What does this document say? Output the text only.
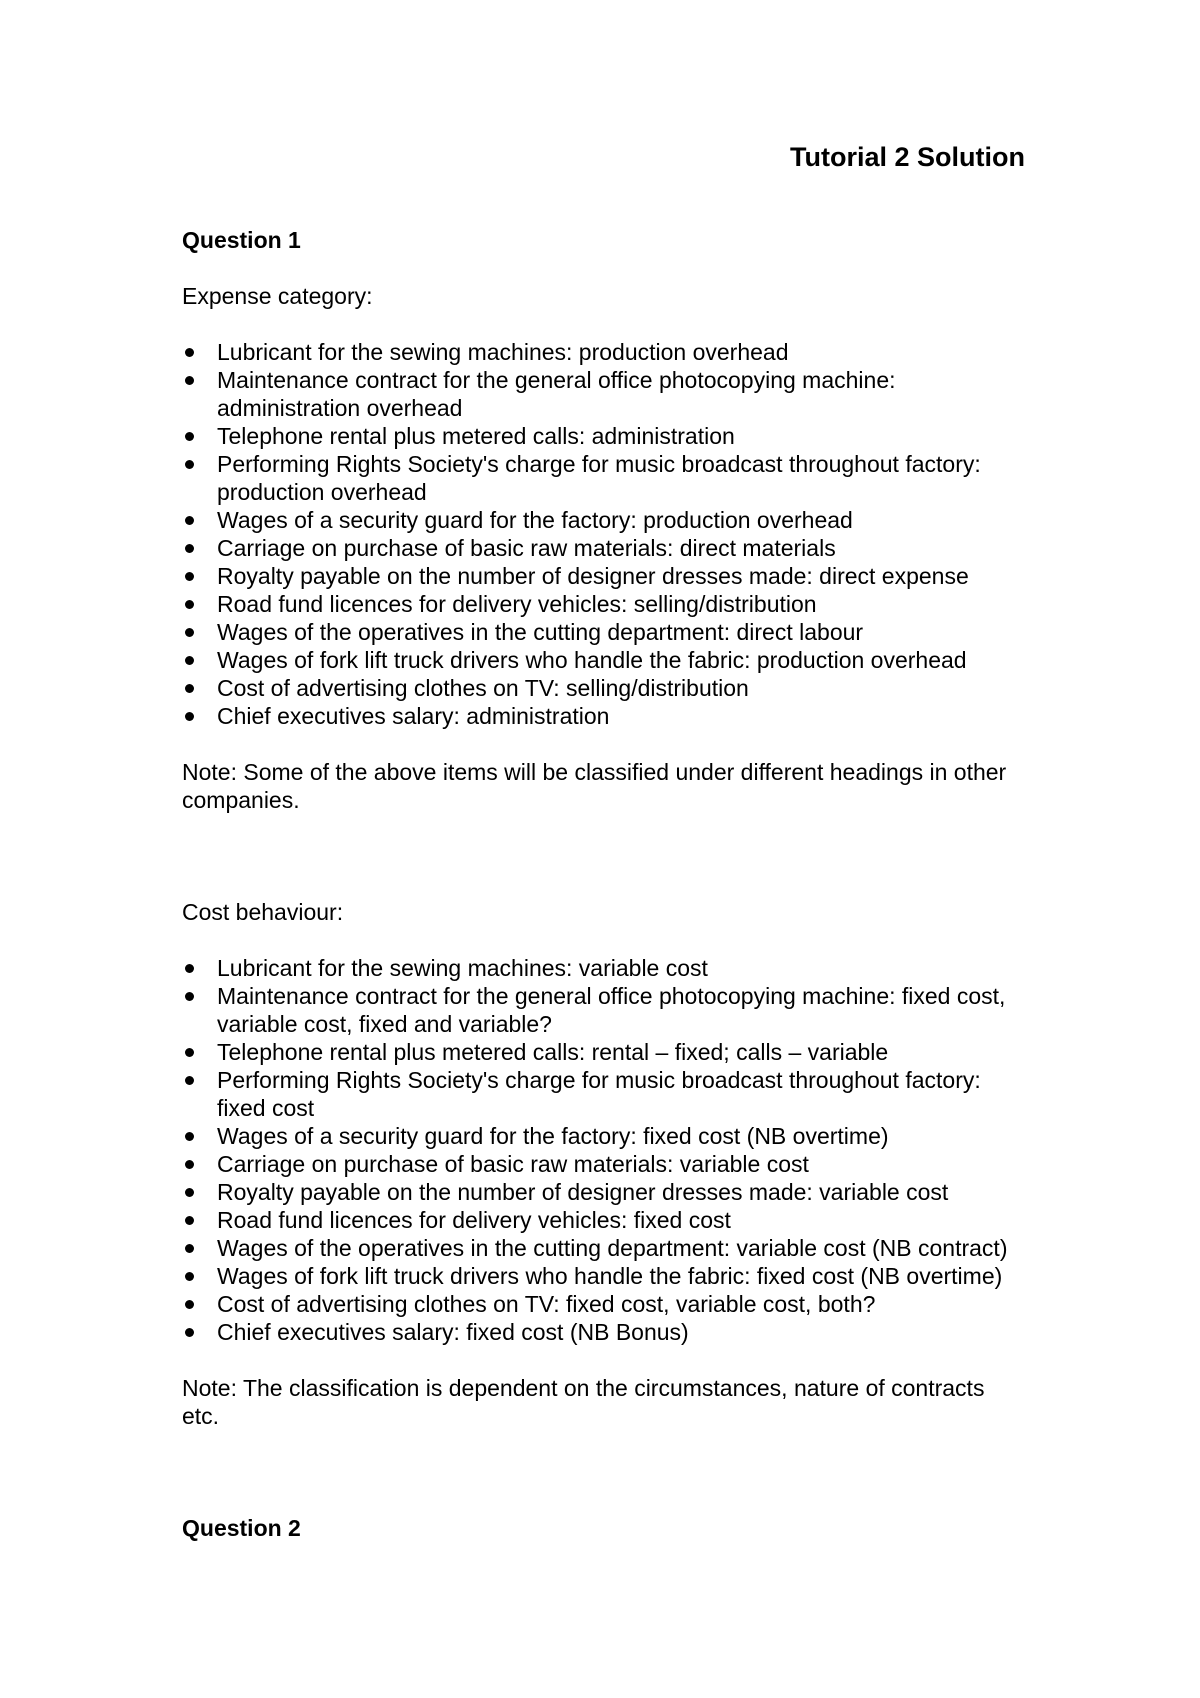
Tutorial 2 Solution
Question 1
Expense category:
Lubricant for the sewing machines: production overhead
Maintenance contract for the general office photocopying machine: administration overhead
Telephone rental plus metered calls: administration
Performing Rights Society's charge for music broadcast throughout factory: production overhead
Wages of a security guard for the factory: production overhead
Carriage on purchase of basic raw materials: direct materials
Royalty payable on the number of designer dresses made: direct expense
Road fund licences for delivery vehicles: selling/distribution
Wages of the operatives in the cutting department: direct labour
Wages of fork lift truck drivers who handle the fabric: production overhead
Cost of advertising clothes on TV: selling/distribution
Chief executives salary: administration
Note: Some of the above items will be classified under different headings in other companies.
Cost behaviour:
Lubricant for the sewing machines: variable cost
Maintenance contract for the general office photocopying machine: fixed cost, variable cost, fixed and variable?
Telephone rental plus metered calls: rental – fixed; calls – variable
Performing Rights Society's charge for music broadcast throughout factory: fixed cost
Wages of a security guard for the factory: fixed cost (NB overtime)
Carriage on purchase of basic raw materials: variable cost
Royalty payable on the number of designer dresses made: variable cost
Road fund licences for delivery vehicles: fixed cost
Wages of the operatives in the cutting department: variable cost (NB contract)
Wages of fork lift truck drivers who handle the fabric: fixed cost (NB overtime)
Cost of advertising clothes on TV: fixed cost, variable cost, both?
Chief executives salary: fixed cost (NB Bonus)
Note: The classification is dependent on the circumstances, nature of contracts etc.
Question 2
